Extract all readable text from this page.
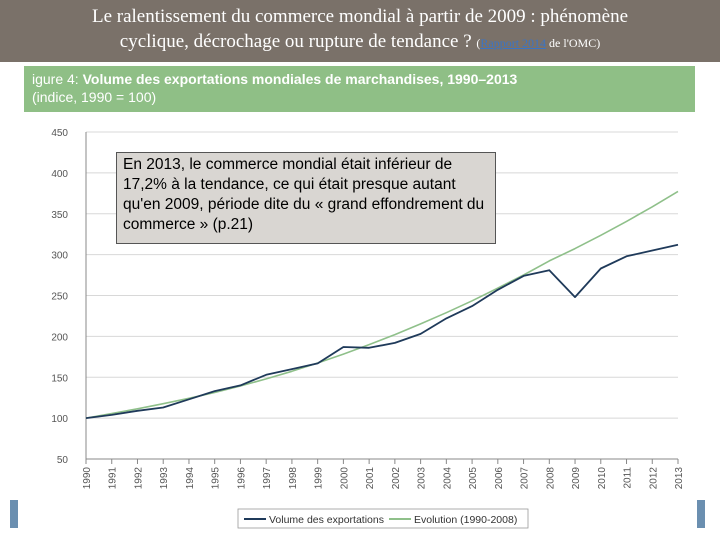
Le ralentissement du commerce mondial à partir de 2009 : phénomène
cyclique, décrochage ou rupture de tendance ? (Rapport 2014 de l'OMC)
igure 4: Volume des exportations mondiales de marchandises, 1990–2013
(indice, 1990 = 100)
50
100
150
200
250
300
350
400
450
1990 1991 1992 1993 1994 1995 1996 1997 1998 1999 2000 2001 2002 2003 2004 2005 2006 2007 2008 2009 2010 2011 2012 2013
Volume des exportations	Evolution (1990-2008)
En 2013, le commerce mondial était inférieur de 17,2% à la tendance, ce qui était presque autant qu'en 2009, période dite du « grand effondrement du commerce » (p.21)
